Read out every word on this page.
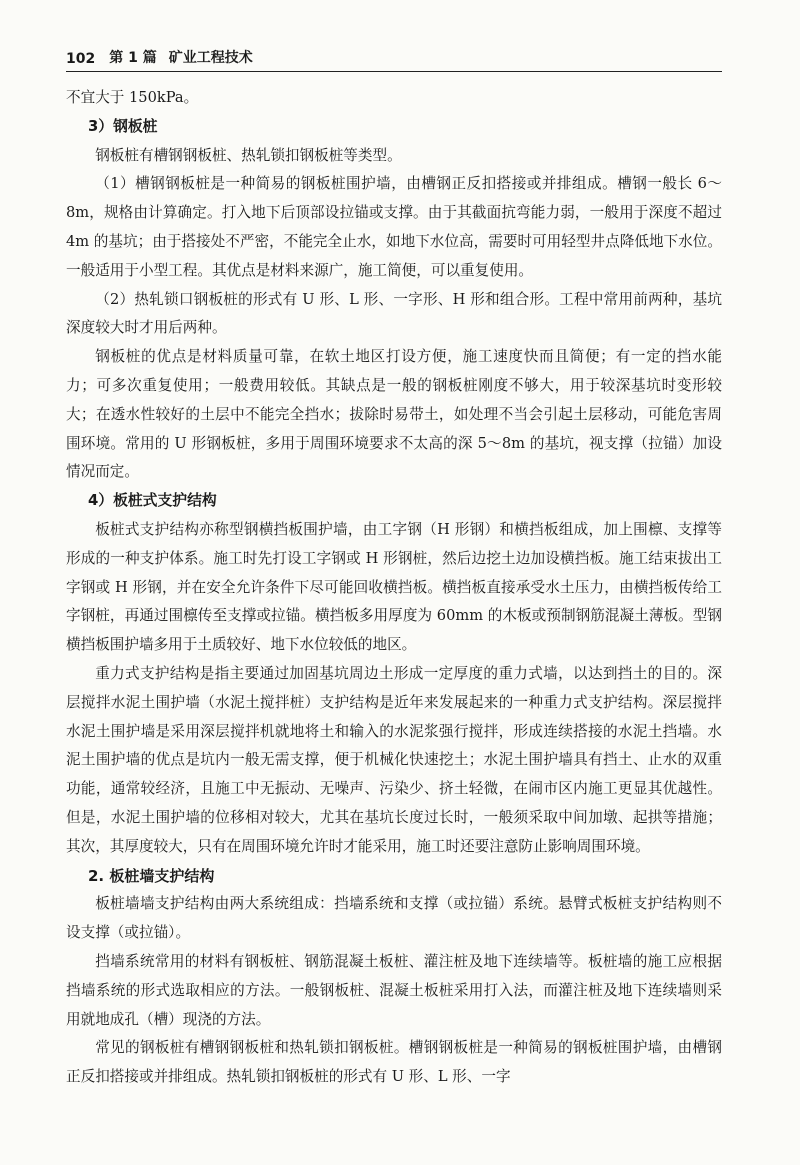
102 第 1 篇 矿业工程技术

不宜大于 150kPa。

3）钢板桩

钢板桩有槽钢钢板桩、热轧锁扣钢板桩等类型。

（1）槽钢钢板桩是一种简易的钢板桩围护墙，由槽钢正反扣搭接或并排组成。槽钢一般长 6～8m，规格由计算确定。打入地下后顶部设拉锚或支撑。由于其截面抗弯能力弱，一般用于深度不超过 4m 的基坑；由于搭接处不严密，不能完全止水，如地下水位高，需要时可用轻型井点降低地下水位。一般适用于小型工程。其优点是材料来源广，施工简便，可以重复使用。

（2）热轧锁口钢板桩的形式有 U 形、L 形、一字形、H 形和组合形。工程中常用前两种，基坑深度较大时才用后两种。

钢板桩的优点是材料质量可靠，在软土地区打设方便，施工速度快而且简便；有一定的挡水能力；可多次重复使用；一般费用较低。其缺点是一般的钢板桩刚度不够大，用于较深基坑时变形较大；在透水性较好的土层中不能完全挡水；拔除时易带土，如处理不当会引起土层移动，可能危害周围环境。常用的 U 形钢板桩，多用于周围环境要求不太高的深 5～8m 的基坑，视支撑（拉锚）加设情况而定。

4）板桩式支护结构

板桩式支护结构亦称型钢横挡板围护墙，由工字钢（H 形钢）和横挡板组成，加上围檩、支撑等形成的一种支护体系。施工时先打设工字钢或 H 形钢桩，然后边挖土边加设横挡板。施工结束拔出工字钢或 H 形钢，并在安全允许条件下尽可能回收横挡板。横挡板直接承受水土压力，由横挡板传给工字钢桩，再通过围檩传至支撑或拉锚。横挡板多用厚度为 60mm 的木板或预制钢筋混凝土薄板。型钢横挡板围护墙多用于土质较好、地下水位较低的地区。

重力式支护结构是指主要通过加固基坑周边土形成一定厚度的重力式墙，以达到挡土的目的。深层搅拌水泥土围护墙（水泥土搅拌桩）支护结构是近年来发展起来的一种重力式支护结构。深层搅拌水泥土围护墙是采用深层搅拌机就地将土和输入的水泥浆强行搅拌，形成连续搭接的水泥土挡墙。水泥土围护墙的优点是坑内一般无需支撑，便于机械化快速挖土；水泥土围护墙具有挡土、止水的双重功能，通常较经济，且施工中无振动、无噪声、污染少、挤土轻微，在闹市区内施工更显其优越性。但是，水泥土围护墙的位移相对较大，尤其在基坑长度过长时，一般须采取中间加墩、起拱等措施；其次，其厚度较大，只有在周围环境允许时才能采用，施工时还要注意防止影响周围环境。

2. 板桩墙支护结构

板桩墙墙支护结构由两大系统组成：挡墙系统和支撑（或拉锚）系统。悬臂式板桩支护结构则不设支撑（或拉锚）。

挡墙系统常用的材料有钢板桩、钢筋混凝土板桩、灌注桩及地下连续墙等。板桩墙的施工应根据挡墙系统的形式选取相应的方法。一般钢板桩、混凝土板桩采用打入法，而灌注桩及地下连续墙则采用就地成孔（槽）现浇的方法。

常见的钢板桩有槽钢钢板桩和热轧锁扣钢板桩。槽钢钢板桩是一种简易的钢板桩围护墙，由槽钢正反扣搭接或并排组成。热轧锁扣钢板桩的形式有 U 形、L 形、一字
